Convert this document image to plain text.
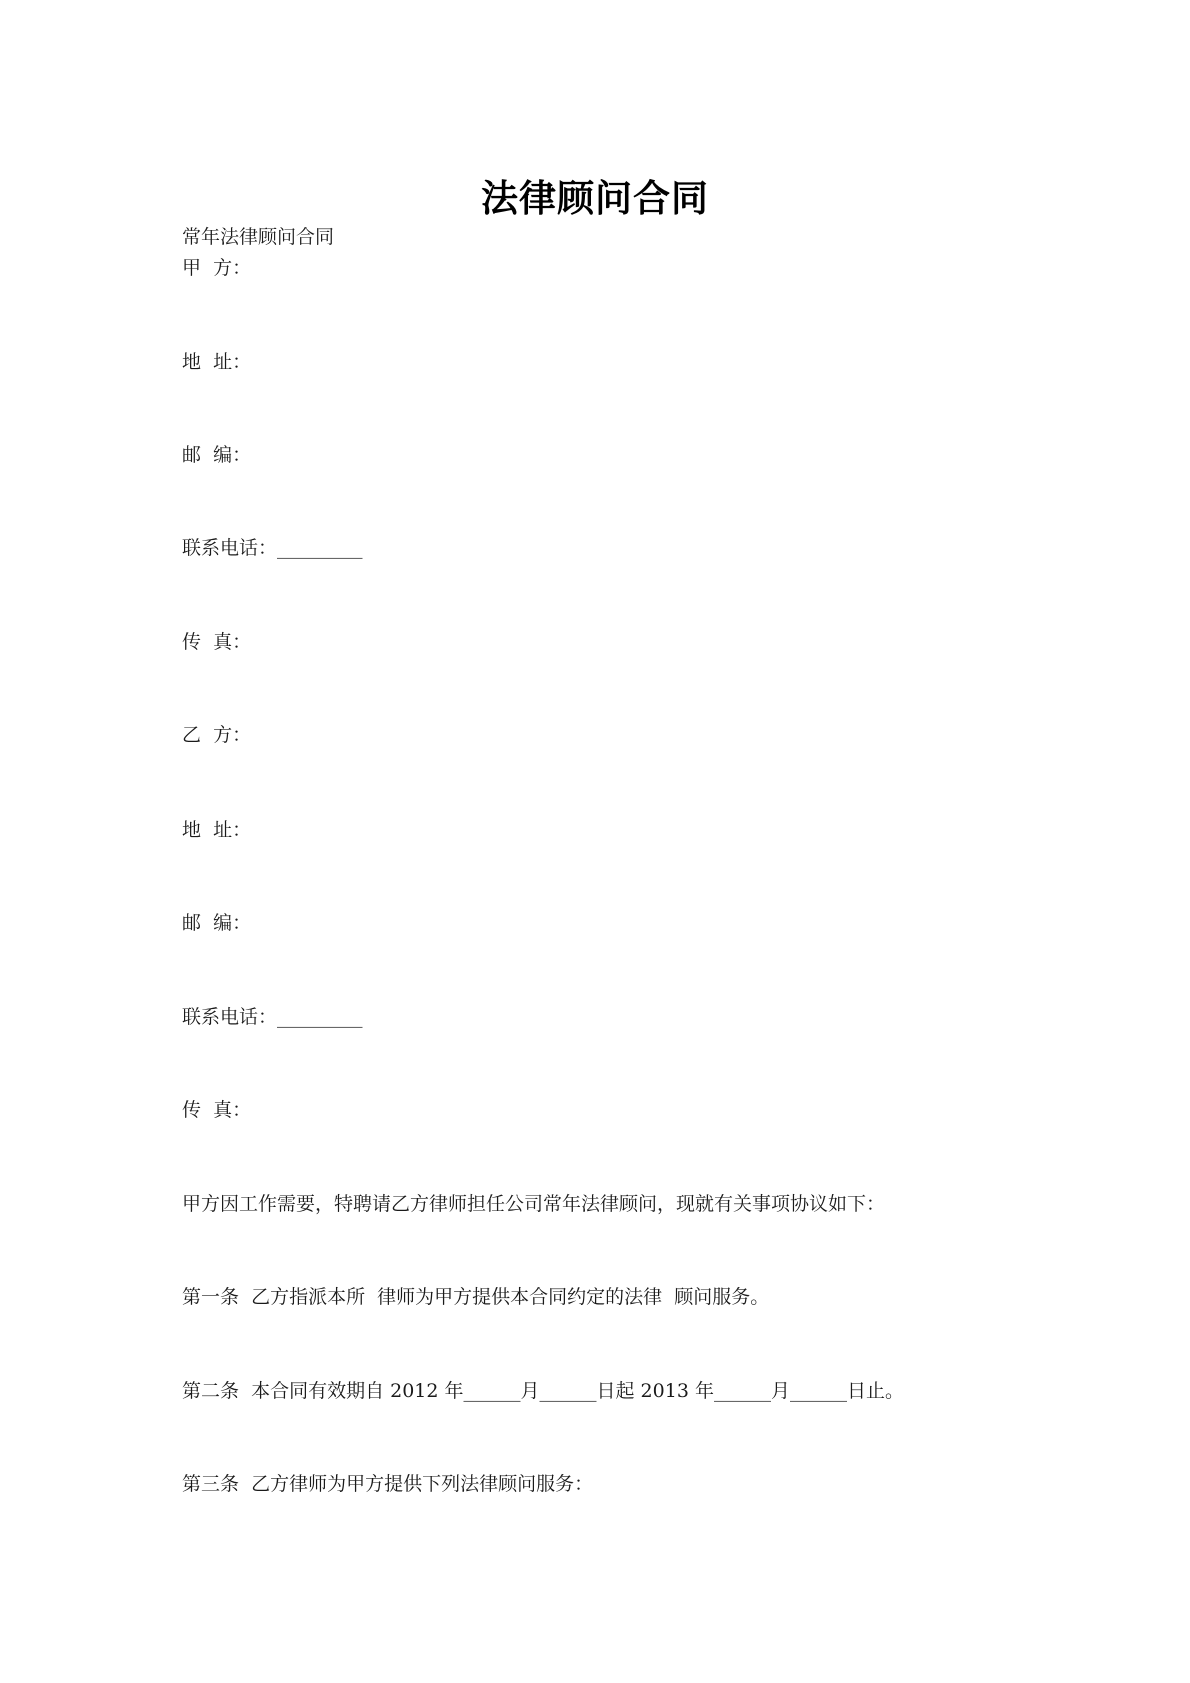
法律顾问合同
常年法律顾问合同
甲  方：
地  址：
邮  编：
联系电话：_________
传  真：
乙  方：
地  址：
邮  编：
联系电话：_________
传  真：
甲方因工作需要，特聘请乙方律师担任公司常年法律顾问，现就有关事项协议如下：
第一条  乙方指派本所  律师为甲方提供本合同约定的法律  顾问服务。
第二条  本合同有效期自 2012 年______月______日起 2013 年______月______日止。
第三条  乙方律师为甲方提供下列法律顾问服务：
